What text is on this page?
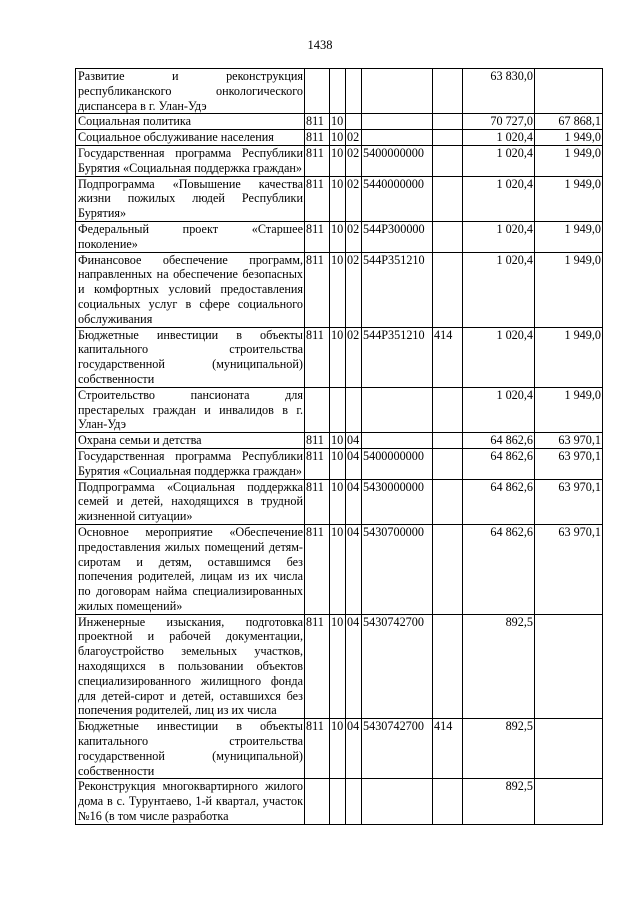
1438
Развитие и реконструкция республиканского онкологического диспансера в г. Улан-Удэ						63 830,0	
Социальная политика	811	10				70 727,0	67 868,1
Социальное обслуживание населения	811	10	02			1 020,4	1 949,0
Государственная программа Республики Бурятия «Социальная поддержка граждан»	811	10	02	5400000000		1 020,4	1 949,0
Подпрограмма «Повышение качества жизни пожилых людей Республики Бурятия»	811	10	02	5440000000		1 020,4	1 949,0
Федеральный проект «Старшее поколение»	811	10	02	544P300000		1 020,4	1 949,0
Финансовое обеспечение программ, направленных на обеспечение безопасных и комфортных условий предоставления социальных услуг в сфере социального обслуживания	811	10	02	544P351210		1 020,4	1 949,0
Бюджетные инвестиции в объекты капитального строительства государственной (муниципальной) собственности	811	10	02	544P351210	414	1 020,4	1 949,0
Строительство пансионата для престарелых граждан и инвалидов в г. Улан-Удэ						1 020,4	1 949,0
Охрана семьи и детства	811	10	04			64 862,6	63 970,1
Государственная программа Республики Бурятия «Социальная поддержка граждан»	811	10	04	5400000000		64 862,6	63 970,1
Подпрограмма «Социальная поддержка семей и детей, находящихся в трудной жизненной ситуации»	811	10	04	5430000000		64 862,6	63 970,1
Основное мероприятие «Обеспечение предоставления жилых помещений детям-сиротам и детям, оставшимся без попечения родителей, лицам из их числа по договорам найма специализированных жилых помещений»	811	10	04	5430700000		64 862,6	63 970,1
Инженерные изыскания, подготовка проектной и рабочей документации, благоустройство земельных участков, находящихся в пользовании объектов специализированного жилищного фонда для детей-сирот и детей, оставшихся без попечения родителей, лиц из их числа	811	10	04	5430742700		892,5	
Бюджетные инвестиции в объекты капитального строительства государственной (муниципальной) собственности	811	10	04	5430742700	414	892,5	
Реконструкция многоквартирного жилого дома в с. Турунтаево, 1-й квартал, участок №16 (в том числе разработка						892,5	
